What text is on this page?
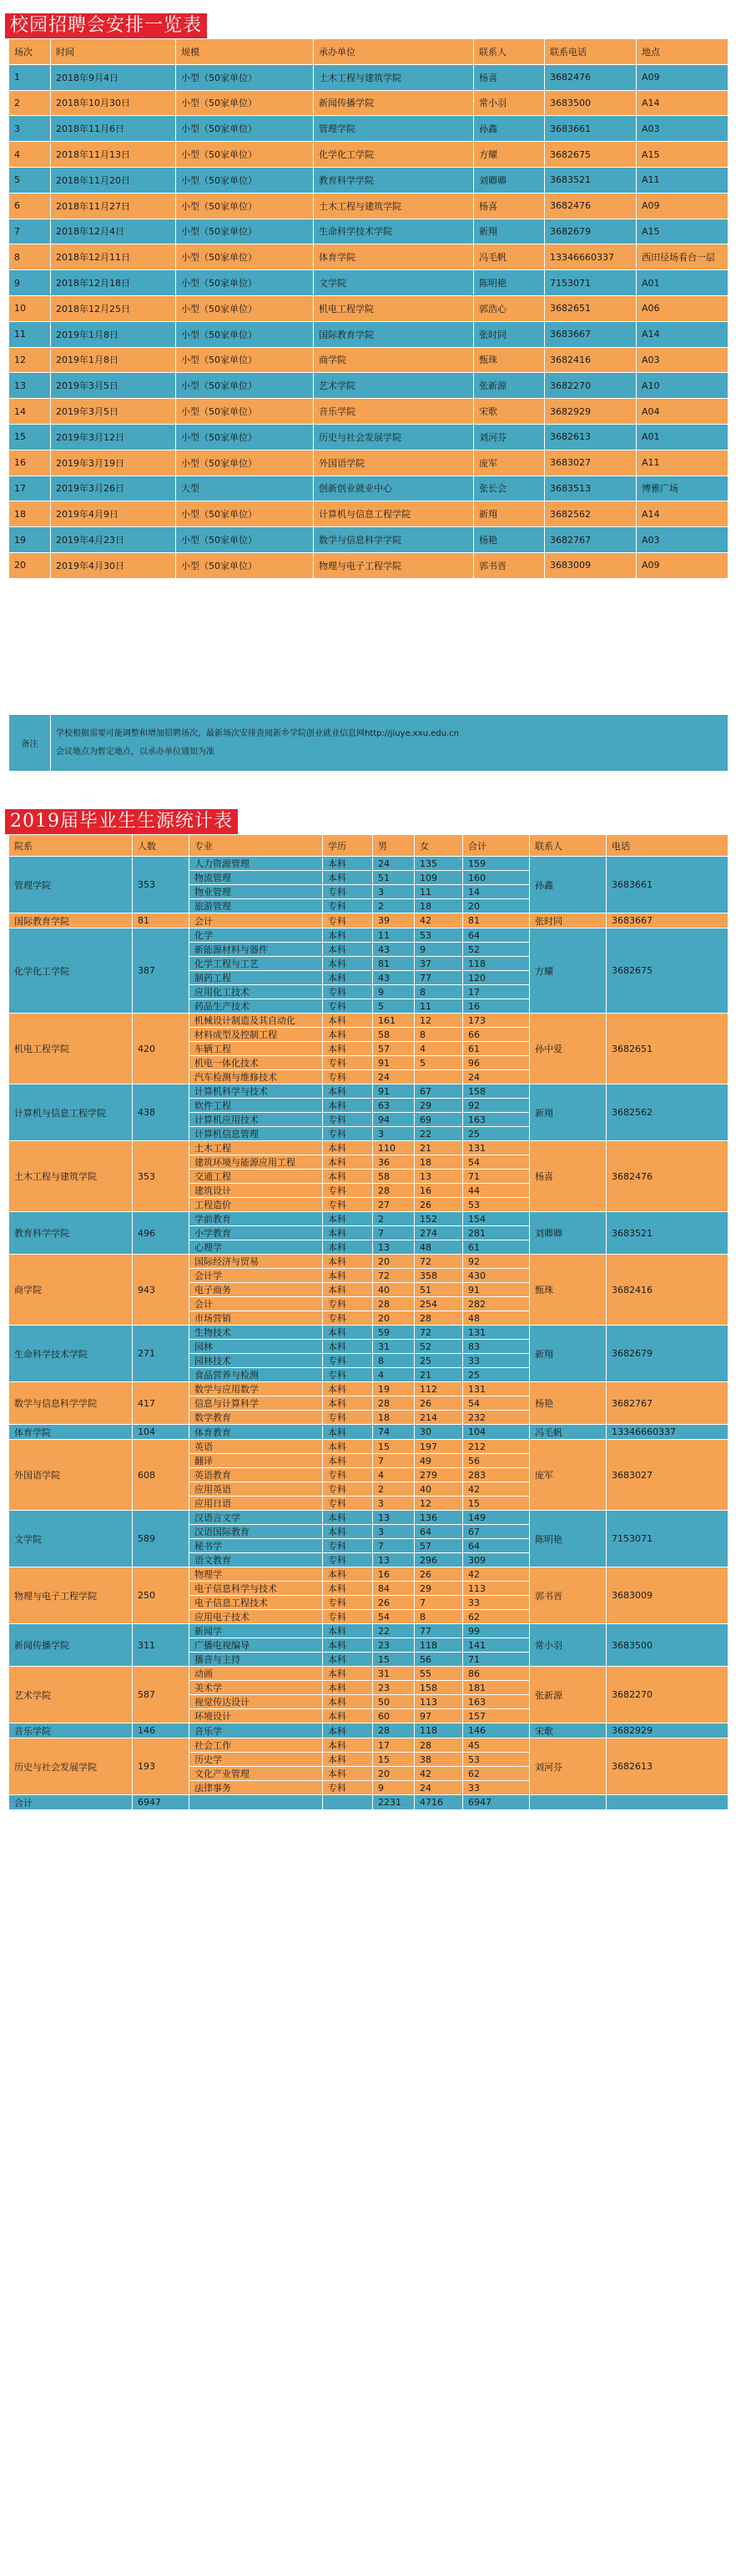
校园招聘会安排一览表
场次	时间	规模	承办单位	联系人	联系电话	地点
1	2018年9月4日	小型（50家单位）	土木工程与建筑学院	杨喜	3682476	A09
2	2018年10月30日	小型（50家单位）	新闻传播学院	常小羽	3683500	A14
3	2018年11月6日	小型（50家单位）	管理学院	孙鑫	3683661	A03
4	2018年11月13日	小型（50家单位）	化学化工学院	方耀	3682675	A15
5	2018年11月20日	小型（50家单位）	教育科学学院	刘卿卿	3683521	A11
6	2018年11月27日	小型（50家单位）	土木工程与建筑学院	杨喜	3682476	A09
7	2018年12月4日	小型（50家单位）	生命科学技术学院	新翔	3682679	A15
8	2018年12月11日	小型（50家单位）	体育学院	冯毛帆	13346660337	西田径场看台一层
9	2018年12月18日	小型（50家单位）	文学院	陈明艳	7153071	A01
10	2018年12月25日	小型（50家单位）	机电工程学院	郭浩心	3682651	A06
11	2019年1月8日	小型（50家单位）	国际教育学院	张时同	3683667	A14
12	2019年1月8日	小型（50家单位）	商学院	甄珠	3682416	A03
13	2019年3月5日	小型（50家单位）	艺术学院	张新源	3682270	A10
14	2019年3月5日	小型（50家单位）	音乐学院	宋歌	3682929	A04
15	2019年3月12日	小型（50家单位）	历史与社会发展学院	刘河芬	3682613	A01
16	2019年3月19日	小型（50家单位）	外国语学院	庞军	3683027	A11
17	2019年3月26日	大型	创新创业就业中心	张长会	3683513	博雅广场
18	2019年4月9日	小型（50家单位）	计算机与信息工程学院	新翔	3682562	A14
19	2019年4月23日	小型（50家单位）	数学与信息科学学院	杨艳	3682767	A03
20	2019年4月30日	小型（50家单位）	物理与电子工程学院	郭书晋	3683009	A09
备注	
学校根据需要可能调整和增加招聘场次，最新场次安排查阅新乡学院创业就业信息网http://jiuye.xxu.edu.cn
会议地点为暂定地点，以承办单位通知为准
2019届毕业生生源统计表
院系	人数	专业	学历	男	女	合计	联系人	电话
管理学院	353	人力资源管理	本科	24	135	159	孙鑫	3683661
		物流管理	本科	51	109	160		
		物业管理	专科	3	11	14		
		旅游管理	专科	2	18	20		
国际教育学院	81	会计	专科	39	42	81	张时同	3683667
化学化工学院	387	化学	本科	11	53	64	方耀	3682675
		新能源材料与器件	本科	43	9	52		
		化学工程与工艺	本科	81	37	118		
		制药工程	本科	43	77	120		
		应用化工技术	专科	9	8	17		
		药品生产技术	专科	5	11	16		
机电工程学院	420	机械设计制造及其自动化	本科	161	12	173	孙中爱	3682651
		材料成型及控制工程	本科	58	8	66		
		车辆工程	本科	57	4	61		
		机电一体化技术	专科	91	5	96		
		汽车检测与维修技术	专科	24		24		
计算机与信息工程学院	438	计算机科学与技术	本科	91	67	158	新翔	3682562
		软件工程	本科	63	29	92		
		计算机应用技术	专科	94	69	163		
		计算机信息管理	专科	3	22	25		
土木工程与建筑学院	353	土木工程	本科	110	21	131	杨喜	3682476
		建筑环境与能源应用工程	本科	36	18	54		
		交通工程	本科	58	13	71		
		建筑设计	专科	28	16	44		
		工程造价	专科	27	26	53		
教育科学学院	496	学前教育	本科	2	152	154	刘卿卿	3683521
		小学教育	本科	7	274	281		
		心理学	本科	13	48	61		
商学院	943	国际经济与贸易	本科	20	72	92	甄珠	3682416
		会计学	本科	72	358	430		
		电子商务	本科	40	51	91		
		会计	专科	28	254	282		
		市场营销	专科	20	28	48		
生命科学技术学院	271	生物技术	本科	59	72	131	新翔	3682679
		园林	本科	31	52	83		
		园林技术	专科	8	25	33		
		食品营养与检测	专科	4	21	25		
数学与信息科学学院	417	数学与应用数学	本科	19	112	131	杨艳	3682767
		信息与计算科学	本科	28	26	54		
		数学教育	专科	18	214	232		
体育学院	104	体育教育	本科	74	30	104	冯毛帆	13346660337
外国语学院	608	英语	本科	15	197	212	庞军	3683027
		翻译	本科	7	49	56		
		英语教育	专科	4	279	283		
		应用英语	专科	2	40	42		
		应用日语	专科	3	12	15		
文学院	589	汉语言文学	本科	13	136	149	陈明艳	7153071
		汉语国际教育	本科	3	64	67		
		秘书学	专科	7	57	64		
		语文教育	专科	13	296	309		
物理与电子工程学院	250	物理学	本科	16	26	42	郭书晋	3683009
		电子信息科学与技术	本科	84	29	113		
		电子信息工程技术	专科	26	7	33		
		应用电子技术	专科	54	8	62		
新闻传播学院	311	新闻学	本科	22	77	99	常小羽	3683500
		广播电视编导	本科	23	118	141		
		播音与主持	本科	15	56	71		
艺术学院	587	动画	本科	31	55	86	张新源	3682270
		美术学	本科	23	158	181		
		视觉传达设计	本科	50	113	163		
		环境设计	本科	60	97	157		
音乐学院	146	音乐学	本科	28	118	146	宋歌	3682929
历史与社会发展学院	193	社会工作	本科	17	28	45	刘河芬	3682613
		历史学	本科	15	38	53		
		文化产业管理	本科	20	42	62		
		法律事务	专科	9	24	33		
合计	6947			2231	4716	6947		
